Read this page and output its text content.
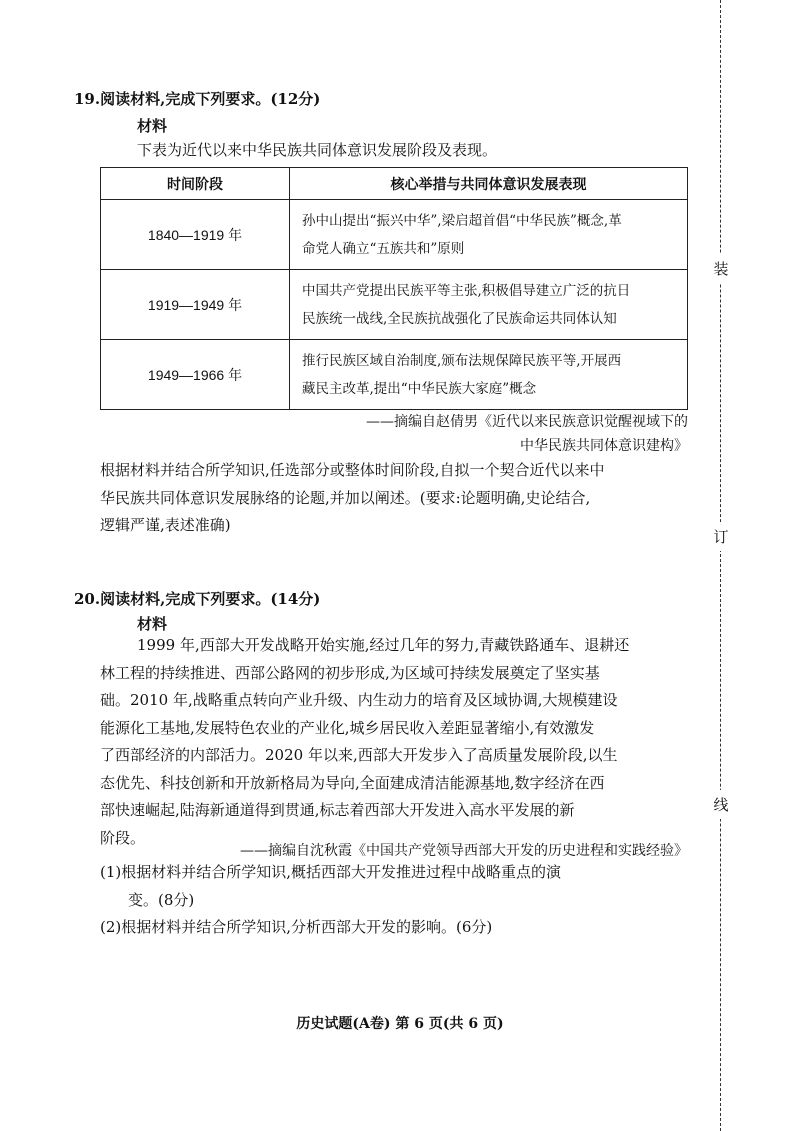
装
订
线
19.阅读材料,完成下列要求。(12分)
材料
下表为近代以来中华民族共同体意识发展阶段及表现。
时间阶段	核心举措与共同体意识发展表现
1840—1919 年	孙中山提出“振兴中华”,梁启超首倡“中华民族”概念,革
命党人确立“五族共和”原则

1919—1949 年	中国共产党提出民族平等主张,积极倡导建立广泛的抗日
民族统一战线,全民族抗战强化了民族命运共同体认知

1949—1966 年	推行民族区域自治制度,颁布法规保障民族平等,开展西
藏民主改革,提出“中华民族大家庭”概念
——摘编自赵倩男《近代以来民族意识觉醒视域下的
中华民族共同体意识建构》
根据材料并结合所学知识,任选部分或整体时间阶段,自拟一个契合近代以来中
华民族共同体意识发展脉络的论题,并加以阐述。(要求:论题明确,史论结合,
逻辑严谨,表述准确)
20.阅读材料,完成下列要求。(14分)
材料
1999 年,西部大开发战略开始实施,经过几年的努力,青藏铁路通车、退耕还
林工程的持续推进、西部公路网的初步形成,为区域可持续发展奠定了坚实基
础。2010 年,战略重点转向产业升级、内生动力的培育及区域协调,大规模建设
能源化工基地,发展特色农业的产业化,城乡居民收入差距显著缩小,有效激发
了西部经济的内部活力。2020 年以来,西部大开发步入了高质量发展阶段,以生
态优先、科技创新和开放新格局为导向,全面建成清洁能源基地,数字经济在西
部快速崛起,陆海新通道得到贯通,标志着西部大开发进入高水平发展的新
阶段。
——摘编自沈秋霞《中国共产党领导西部大开发的历史进程和实践经验》
(1)根据材料并结合所学知识,概括西部大开发推进过程中战略重点的演
变。(8分)
(2)根据材料并结合所学知识,分析西部大开发的影响。(6分)
历史试题(A卷) 第 6 页(共 6 页)
